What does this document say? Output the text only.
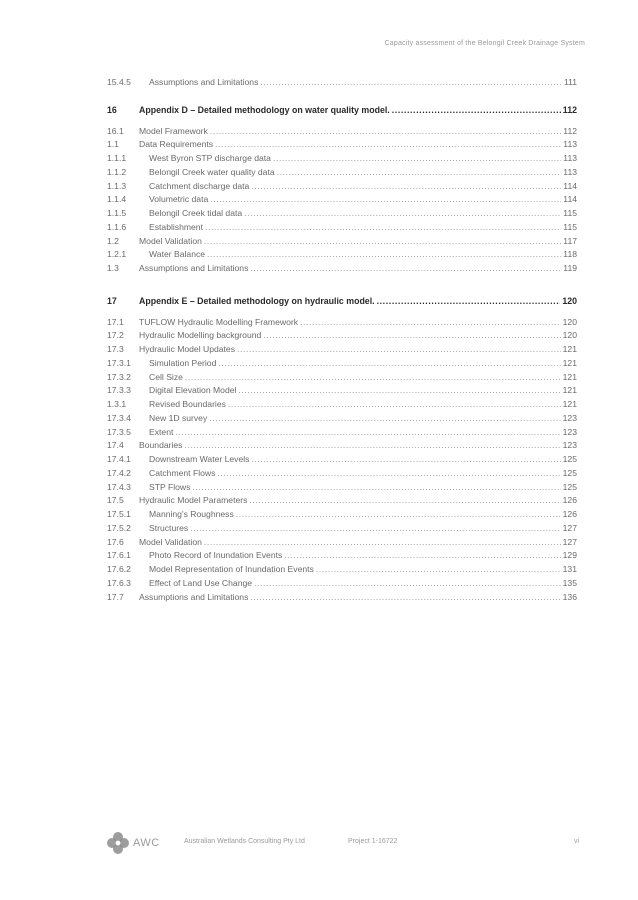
Capacity assessment of the Belongil Creek Drainage System
15.4.5	Assumptions and Limitations .....	111
16	Appendix D – Detailed methodology on water quality model. .....	112
16.1	Model Framework .....	112
1.1	Data Requirements .....	113
1.1.1	West Byron STP discharge data .....	113
1.1.2	Belongil Creek water quality data .....	113
1.1.3	Catchment discharge data .....	114
1.1.4	Volumetric data .....	114
1.1.5	Belongil Creek tidal data .....	115
1.1.6	Establishment .....	115
1.2	Model Validation .....	117
1.2.1	Water Balance .....	118
1.3	Assumptions and Limitations .....	119
17	Appendix E – Detailed methodology on hydraulic model. .....	120
17.1	TUFLOW Hydraulic Modelling Framework .....	120
17.2	Hydraulic Modelling background .....	120
17.3	Hydraulic Model Updates .....	121
17.3.1	Simulation Period .....	121
17.3.2	Cell Size .....	121
17.3.3	Digital Elevation Model .....	121
1.3.1	Revised Boundaries .....	121
17.3.4	New 1D survey .....	123
17.3.5	Extent .....	123
17.4	Boundaries .....	123
17.4.1	Downstream Water Levels .....	125
17.4.2	Catchment Flows .....	125
17.4.3	STP Flows .....	125
17.5	Hydraulic Model Parameters .....	126
17.5.1	Manning's Roughness .....	126
17.5.2	Structures .....	127
17.6	Model Validation .....	127
17.6.1	Photo Record of Inundation Events .....	129
17.6.2	Model Representation of Inundation Events .....	131
17.6.3	Effect of Land Use Change .....	135
17.7	Assumptions and Limitations .....	136
AWC	Australian Wetlands Consulting Pty Ltd	Project 1-16722	vi
